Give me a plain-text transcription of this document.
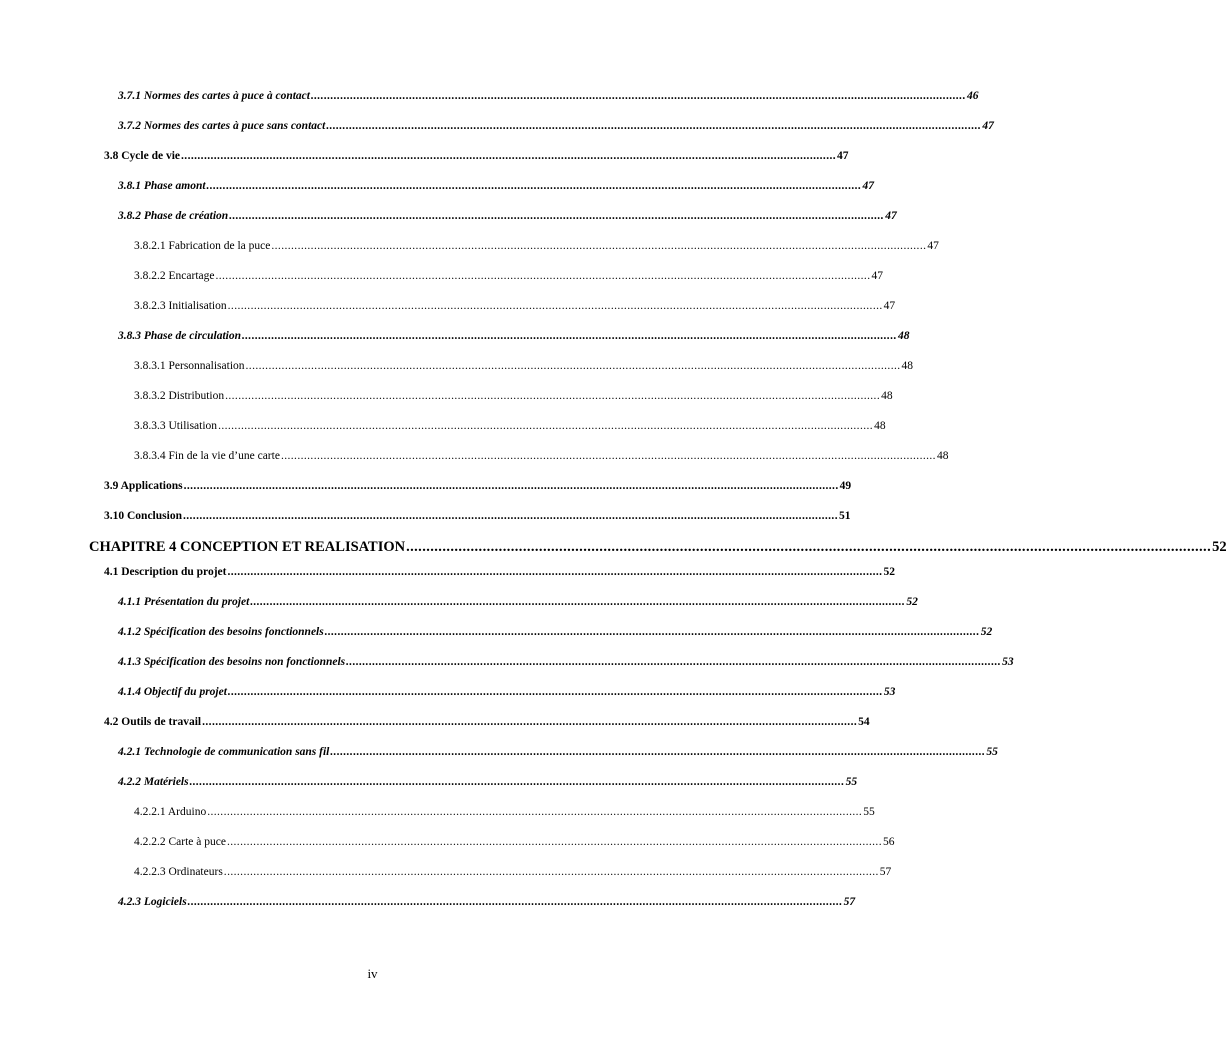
3.7.1 Normes des cartes à puce à contact ........................................................................................................................................................................................................ 46
3.7.2 Normes des cartes à puce sans contact ........................................................................................................................................................................................................ 47
3.8 Cycle de vie ........................................................................................................................................................................................................ 47
3.8.1 Phase amont ........................................................................................................................................................................................................ 47
3.8.2 Phase de création ........................................................................................................................................................................................................ 47
3.8.2.1 Fabrication de la puce ........................................................................................................................................................................................................ 47
3.8.2.2 Encartage ........................................................................................................................................................................................................ 47
3.8.2.3 Initialisation ........................................................................................................................................................................................................ 47
3.8.3 Phase de circulation ........................................................................................................................................................................................................ 48
3.8.3.1 Personnalisation ........................................................................................................................................................................................................ 48
3.8.3.2 Distribution ........................................................................................................................................................................................................ 48
3.8.3.3 Utilisation ........................................................................................................................................................................................................ 48
3.8.3.4 Fin de la vie d’une carte ........................................................................................................................................................................................................ 48
3.9 Applications ........................................................................................................................................................................................................ 49
3.10 Conclusion ........................................................................................................................................................................................................ 51
CHAPITRE 4 CONCEPTION ET REALISATION ........................................................................................................................................................................................................ 52
4.1 Description du projet ........................................................................................................................................................................................................ 52
4.1.1 Présentation du projet ........................................................................................................................................................................................................ 52
4.1.2 Spécification des besoins fonctionnels ........................................................................................................................................................................................................ 52
4.1.3 Spécification des besoins non fonctionnels ........................................................................................................................................................................................................ 53
4.1.4 Objectif du projet ........................................................................................................................................................................................................ 53
4.2 Outils de travail ........................................................................................................................................................................................................ 54
4.2.1 Technologie de communication sans fil ........................................................................................................................................................................................................ 55
4.2.2 Matériels ........................................................................................................................................................................................................ 55
4.2.2.1 Arduino ........................................................................................................................................................................................................ 55
4.2.2.2 Carte à puce ........................................................................................................................................................................................................ 56
4.2.2.3 Ordinateurs ........................................................................................................................................................................................................ 57
4.2.3 Logiciels ........................................................................................................................................................................................................ 57
iv
